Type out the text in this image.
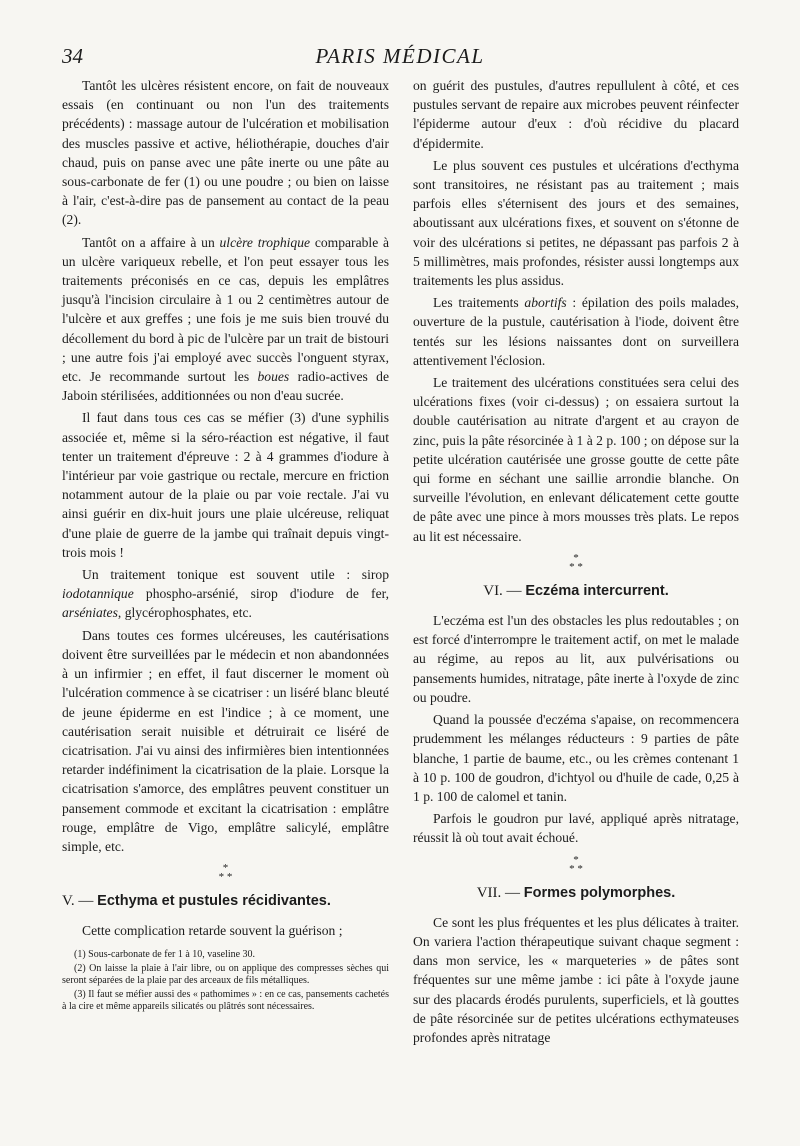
34	PARIS MÉDICAL

Tantôt les ulcères résistent encore, on fait de nouveaux essais (en continuant ou non l'un des traitements précédents) : massage autour de l'ulcération et mobilisation des muscles passive et active, héliothérapie, douches d'air chaud, puis on panse avec une pâte inerte ou une pâte au sous-carbonate de fer (1) ou une poudre ; ou bien on laisse à l'air, c'est-à-dire pas de pansement au contact de la peau (2).

Tantôt on a affaire à un ulcère trophique comparable à un ulcère variqueux rebelle, et l'on peut essayer tous les traitements préconisés en ce cas, depuis les emplâtres jusqu'à l'incision circulaire à 1 ou 2 centimètres autour de l'ulcère et aux greffes ; une fois je me suis bien trouvé du décollement du bord à pic de l'ulcère par un trait de bistouri ; une autre fois j'ai employé avec succès l'onguent styrax, etc. Je recommande surtout les boues radio-actives de Jaboin stérilisées, additionnées ou non d'eau sucrée.

Il faut dans tous ces cas se méfier (3) d'une syphilis associée et, même si la séro-réaction est négative, il faut tenter un traitement d'épreuve : 2 à 4 grammes d'iodure à l'intérieur par voie gastrique ou rectale, mercure en friction notamment autour de la plaie ou par voie rectale. J'ai vu ainsi guérir en dix-huit jours une plaie ulcéreuse, reliquat d'une plaie de guerre de la jambe qui traînait depuis vingt-trois mois !

Un traitement tonique est souvent utile : sirop iodotannique phospho-arsénié, sirop d'iodure de fer, arséniates, glycérophosphates, etc.

Dans toutes ces formes ulcéreuses, les cautérisations doivent être surveillées par le médecin et non abandonnées à un infirmier ; en effet, il faut discerner le moment où l'ulcération commence à se cicatriser : un liséré blanc bleuté de jeune épiderme en est l'indice ; à ce moment, une cautérisation serait nuisible et détruirait ce liséré de cicatrisation. J'ai vu ainsi des infirmières bien intentionnées retarder indéfiniment la cicatrisation de la plaie. Lorsque la cicatrisation s'amorce, des emplâtres peuvent constituer un pansement commode et excitant la cicatrisation : emplâtre rouge, emplâtre de Vigo, emplâtre salicylé, emplâtre simple, etc.

*
* *
V. — Ecthyma et pustules récidivantes.

Cette complication retarde souvent la guérison ;

(1) Sous-carbonate de fer 1 à 10, vaseline 30.

(2) On laisse la plaie à l'air libre, ou on applique des compresses sèches qui seront séparées de la plaie par des arceaux de fils métalliques.

(3) Il faut se méfier aussi des « pathomimes » : en ce cas, pansements cachetés à la cire et même appareils silicatés ou plâtrés sont nécessaires.

on guérit des pustules, d'autres repullulent à côté, et ces pustules servant de repaire aux microbes peuvent réinfecter l'épiderme autour d'eux : d'où récidive du placard d'épidermite.

Le plus souvent ces pustules et ulcérations d'ecthyma sont transitoires, ne résistant pas au traitement ; mais parfois elles s'éternisent des jours et des semaines, aboutissant aux ulcérations fixes, et souvent on s'étonne de voir des ulcérations si petites, ne dépassant pas parfois 2 à 5 millimètres, mais profondes, résister aussi longtemps aux traitements les plus assidus.

Les traitements abortifs : épilation des poils malades, ouverture de la pustule, cautérisation à l'iode, doivent être tentés sur les lésions naissantes dont on surveillera attentivement l'éclosion.

Le traitement des ulcérations constituées sera celui des ulcérations fixes (voir ci-dessus) ; on essaiera surtout la double cautérisation au nitrate d'argent et au crayon de zinc, puis la pâte résorcinée à 1 à 2 p. 100 ; on dépose sur la petite ulcération cautérisée une grosse goutte de cette pâte qui forme en séchant une saillie arrondie blanche. On surveille l'évolution, en enlevant délicatement cette goutte de pâte avec une pince à mors mousses très plats. Le repos au lit est nécessaire.

*
* *
VI. — Eczéma intercurrent.

L'eczéma est l'un des obstacles les plus redoutables ; on est forcé d'interrompre le traitement actif, on met le malade au régime, au repos au lit, aux pulvérisations ou pansements humides, nitratage, pâte inerte à l'oxyde de zinc ou poudre.

Quand la poussée d'eczéma s'apaise, on recommencera prudemment les mélanges réducteurs : 9 parties de pâte blanche, 1 partie de baume, etc., ou les crèmes contenant 1 à 10 p. 100 de goudron, d'ichtyol ou d'huile de cade, 0,25 à 1 p. 100 de calomel et tanin.

Parfois le goudron pur lavé, appliqué après nitratage, réussit là où tout avait échoué.

*
* *
VII. — Formes polymorphes.

Ce sont les plus fréquentes et les plus délicates à traiter. On variera l'action thérapeutique suivant chaque segment : dans mon service, les « marqueteries » de pâtes sont fréquentes sur une même jambe : ici pâte à l'oxyde jaune sur des placards érodés purulents, superficiels, et là gouttes de pâte résorcinée sur de petites ulcérations ecthymateuses profondes après nitratage
